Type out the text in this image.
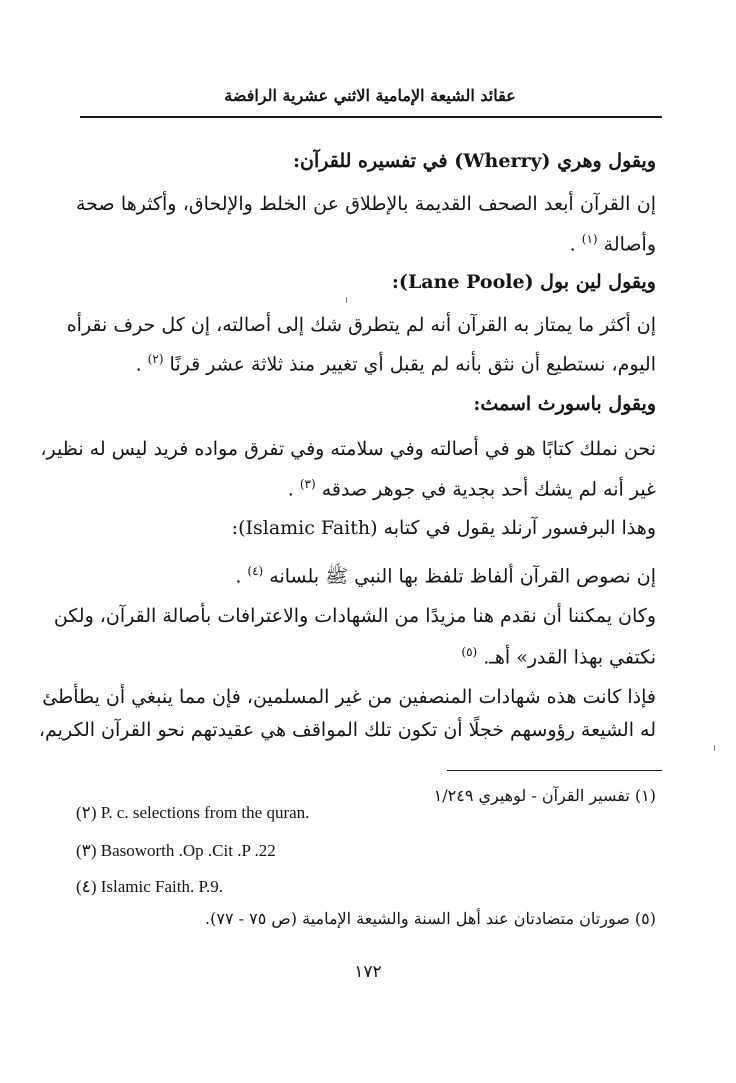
عقائد الشيعة الإمامية الاثني عشرية الرافضة
ويقول وهري (Wherry) في تفسيره للقرآن:
إن القرآن أبعد الصحف القديمة بالإطلاق عن الخلط والإلحاق، وأكثرها صحة
وأصالة $^{(١)}$ .
ويقول لين بول (Lane Poole):
إن أكثر ما يمتاز به القرآن أنه لم يتطرق شك إلى أصالته، إن كل حرف نقرأه
اليوم، نستطيع أن نثق بأنه لم يقبل أي تغيير منذ ثلاثة عشر قرنًا $^{(٢)}$ .
ويقول باسورث اسمث:
نحن نملك كتابًا هو في أصالته وفي سلامته وفي تفرق مواده فريد ليس له نظير،
غير أنه لم يشك أحد بجدية في جوهر صدقه $^{(٣)}$ .
وهذا البرفسور آرنلد يقول في كتابه (Islamic Faith):
إن نصوص القرآن ألفاظ تلفظ بها النبي ﷺ بلسانه $^{(٤)}$ .
وكان يمكننا أن نقدم هنا مزيدًا من الشهادات والاعترافات بأصالة القرآن، ولكن
نكتفي بهذا القدر» أهـ. $^{(٥)}$
فإذا كانت هذه شهادات المنصفين من غير المسلمين، فإن مما ينبغي أن يطأطئ
له الشيعة رؤوسهم خجلًا أن تكون تلك المواقف هي عقيدتهم نحو القرآن الكريم،
(١) تفسير القرآن - لوهيري ١/٢٤٩
(٢) P. c. selections from the quran.
(٣) Basoworth .Op .Cit .P .22
(٤) Islamic Faith. P.9.
(٥) صورتان متضادتان عند أهل السنة والشيعة الإمامية (ص ٧٥ - ٧٧).
١٧٢
